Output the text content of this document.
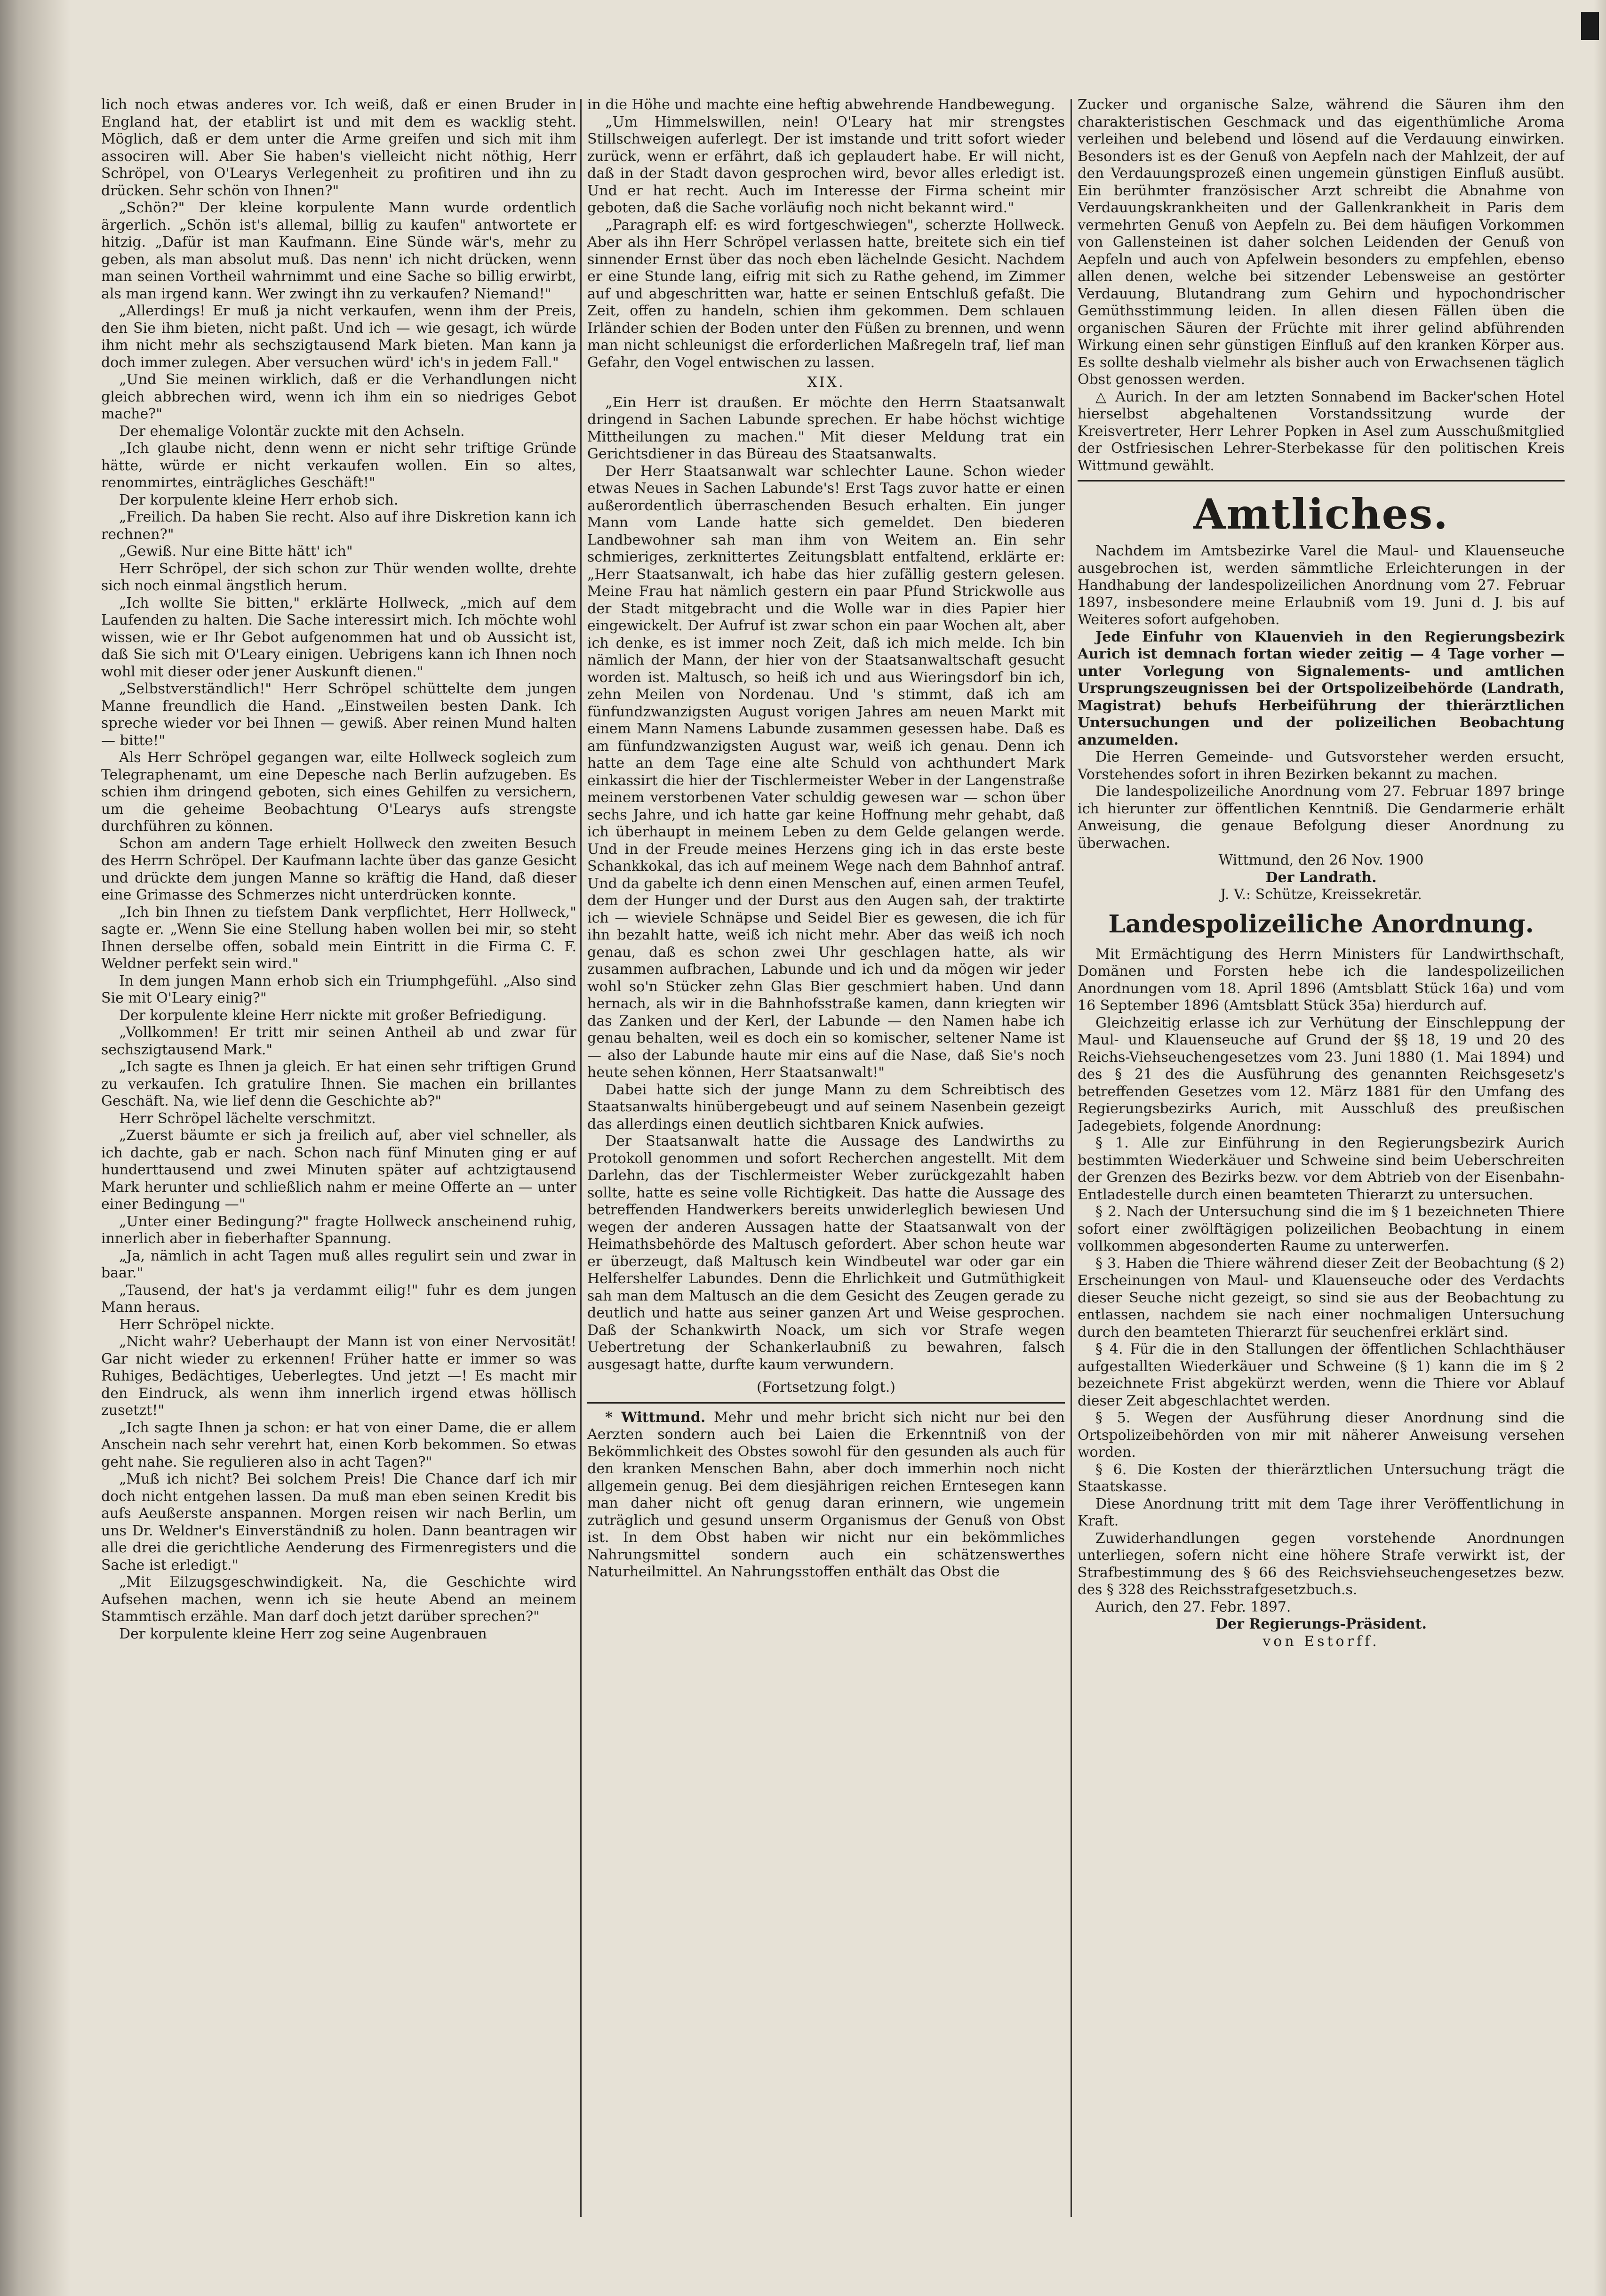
lich noch etwas anderes vor. Ich weiß, daß er einen Bruder in England hat, der etablirt ist und mit dem es wacklig steht. Möglich, daß er dem unter die Arme greifen und sich mit ihm associren will. Aber Sie haben's vielleicht nicht nöthig, Herr Schröpel, von O'Learys Verlegenheit zu profitiren und ihn zu drücken. Sehr schön von Ihnen?"

„Schön?" Der kleine korpulente Mann wurde ordentlich ärgerlich. „Schön ist's allemal, billig zu kaufen" antwortete er hitzig. „Dafür ist man Kaufmann. Eine Sünde wär's, mehr zu geben, als man absolut muß. Das nenn' ich nicht drücken, wenn man seinen Vortheil wahrnimmt und eine Sache so billig erwirbt, als man irgend kann. Wer zwingt ihn zu verkaufen? Niemand!"

„Allerdings! Er muß ja nicht verkaufen, wenn ihm der Preis, den Sie ihm bieten, nicht paßt. Und ich — wie gesagt, ich würde ihm nicht mehr als sechszigtausend Mark bieten. Man kann ja doch immer zulegen. Aber versuchen würd' ich's in jedem Fall."

„Und Sie meinen wirklich, daß er die Verhandlungen nicht gleich abbrechen wird, wenn ich ihm ein so niedriges Gebot mache?"

Der ehemalige Volontär zuckte mit den Achseln.

„Ich glaube nicht, denn wenn er nicht sehr triftige Gründe hätte, würde er nicht verkaufen wollen. Ein so altes, renommirtes, einträgliches Geschäft!"

Der korpulente kleine Herr erhob sich.

„Freilich. Da haben Sie recht. Also auf ihre Diskretion kann ich rechnen?"

„Gewiß. Nur eine Bitte hätt' ich"

Herr Schröpel, der sich schon zur Thür wenden wollte, drehte sich noch einmal ängstlich herum.

„Ich wollte Sie bitten," erklärte Hollweck, „mich auf dem Laufenden zu halten. Die Sache interessirt mich. Ich möchte wohl wissen, wie er Ihr Gebot aufgenommen hat und ob Aussicht ist, daß Sie sich mit O'Leary einigen. Uebrigens kann ich Ihnen noch wohl mit dieser oder jener Auskunft dienen."

„Selbstverständlich!" Herr Schröpel schüttelte dem jungen Manne freundlich die Hand. „Einstweilen besten Dank. Ich spreche wieder vor bei Ihnen — gewiß. Aber reinen Mund halten — bitte!"

Als Herr Schröpel gegangen war, eilte Hollweck sogleich zum Telegraphenamt, um eine Depesche nach Berlin aufzugeben. Es schien ihm dringend geboten, sich eines Gehilfen zu versichern, um die geheime Beobachtung O'Learys aufs strengste durchführen zu können.

Schon am andern Tage erhielt Hollweck den zweiten Besuch des Herrn Schröpel. Der Kaufmann lachte über das ganze Gesicht und drückte dem jungen Manne so kräftig die Hand, daß dieser eine Grimasse des Schmerzes nicht unterdrücken konnte.

„Ich bin Ihnen zu tiefstem Dank verpflichtet, Herr Hollweck," sagte er. „Wenn Sie eine Stellung haben wollen bei mir, so steht Ihnen derselbe offen, sobald mein Eintritt in die Firma C. F. Weldner perfekt sein wird."

In dem jungen Mann erhob sich ein Triumphgefühl. „Also sind Sie mit O'Leary einig?"

Der korpulente kleine Herr nickte mit großer Befriedigung.

„Vollkommen! Er tritt mir seinen Antheil ab und zwar für sechszigtausend Mark."

„Ich sagte es Ihnen ja gleich. Er hat einen sehr triftigen Grund zu verkaufen. Ich gratulire Ihnen. Sie machen ein brillantes Geschäft. Na, wie lief denn die Geschichte ab?"

Herr Schröpel lächelte verschmitzt.

„Zuerst bäumte er sich ja freilich auf, aber viel schneller, als ich dachte, gab er nach. Schon nach fünf Minuten ging er auf hunderttausend und zwei Minuten später auf achtzigtausend Mark herunter und schließlich nahm er meine Offerte an — unter einer Bedingung —"

„Unter einer Bedingung?" fragte Hollweck anscheinend ruhig, innerlich aber in fieberhafter Spannung.

„Ja, nämlich in acht Tagen muß alles regulirt sein und zwar in baar."

„Tausend, der hat's ja verdammt eilig!" fuhr es dem jungen Mann heraus.

Herr Schröpel nickte.

„Nicht wahr? Ueberhaupt der Mann ist von einer Nervosität! Gar nicht wieder zu erkennen! Früher hatte er immer so was Ruhiges, Bedächtiges, Ueberlegtes. Und jetzt —! Es macht mir den Eindruck, als wenn ihm innerlich irgend etwas höllisch zusetzt!"

„Ich sagte Ihnen ja schon: er hat von einer Dame, die er allem Anschein nach sehr verehrt hat, einen Korb bekommen. So etwas geht nahe. Sie regulieren also in acht Tagen?"

„Muß ich nicht? Bei solchem Preis! Die Chance darf ich mir doch nicht entgehen lassen. Da muß man eben seinen Kredit bis aufs Aeußerste anspannen. Morgen reisen wir nach Berlin, um uns Dr. Weldner's Einverständniß zu holen. Dann beantragen wir alle drei die gerichtliche Aenderung des Firmenregisters und die Sache ist erledigt."

„Mit Eilzugsgeschwindigkeit. Na, die Geschichte wird Aufsehen machen, wenn ich sie heute Abend an meinem Stammtisch erzähle. Man darf doch jetzt darüber sprechen?"

Der korpulente kleine Herr zog seine Augenbrauen

in die Höhe und machte eine heftig abwehrende Handbewegung.

„Um Himmelswillen, nein! O'Leary hat mir strengstes Stillschweigen auferlegt. Der ist imstande und tritt sofort wieder zurück, wenn er erfährt, daß ich geplaudert habe. Er will nicht, daß in der Stadt davon gesprochen wird, bevor alles erledigt ist. Und er hat recht. Auch im Interesse der Firma scheint mir geboten, daß die Sache vorläufig noch nicht bekannt wird."

„Paragraph elf: es wird fortgeschwiegen", scherzte Hollweck. Aber als ihn Herr Schröpel verlassen hatte, breitete sich ein tief sinnender Ernst über das noch eben lächelnde Gesicht. Nachdem er eine Stunde lang, eifrig mit sich zu Rathe gehend, im Zimmer auf und abgeschritten war, hatte er seinen Entschluß gefaßt. Die Zeit, offen zu handeln, schien ihm gekommen. Dem schlauen Irländer schien der Boden unter den Füßen zu brennen, und wenn man nicht schleunigst die erforderlichen Maßregeln traf, lief man Gefahr, den Vogel entwischen zu lassen.

XIX.

„Ein Herr ist draußen. Er möchte den Herrn Staatsanwalt dringend in Sachen Labunde sprechen. Er habe höchst wichtige Mittheilungen zu machen." Mit dieser Meldung trat ein Gerichtsdiener in das Büreau des Staatsanwalts.

Der Herr Staatsanwalt war schlechter Laune. Schon wieder etwas Neues in Sachen Labunde's! Erst Tags zuvor hatte er einen außerordentlich überraschenden Besuch erhalten. Ein junger Mann vom Lande hatte sich gemeldet. Den biederen Landbewohner sah man ihm von Weitem an. Ein sehr schmieriges, zerknittertes Zeitungsblatt entfaltend, erklärte er: „Herr Staatsanwalt, ich habe das hier zufällig gestern gelesen. Meine Frau hat nämlich gestern ein paar Pfund Strickwolle aus der Stadt mitgebracht und die Wolle war in dies Papier hier eingewickelt. Der Aufruf ist zwar schon ein paar Wochen alt, aber ich denke, es ist immer noch Zeit, daß ich mich melde. Ich bin nämlich der Mann, der hier von der Staatsanwaltschaft gesucht worden ist. Maltusch, so heiß ich und aus Wieringsdorf bin ich, zehn Meilen von Nordenau. Und 's stimmt, daß ich am fünfundzwanzigsten August vorigen Jahres am neuen Markt mit einem Mann Namens Labunde zusammen gesessen habe. Daß es am fünfundzwanzigsten August war, weiß ich genau. Denn ich hatte an dem Tage eine alte Schuld von achthundert Mark einkassirt die hier der Tischlermeister Weber in der Langenstraße meinem verstorbenen Vater schuldig gewesen war — schon über sechs Jahre, und ich hatte gar keine Hoffnung mehr gehabt, daß ich überhaupt in meinem Leben zu dem Gelde gelangen werde. Und in der Freude meines Herzens ging ich in das erste beste Schankkokal, das ich auf meinem Wege nach dem Bahnhof antraf. Und da gabelte ich denn einen Menschen auf, einen armen Teufel, dem der Hunger und der Durst aus den Augen sah, der traktirte ich — wieviele Schnäpse und Seidel Bier es gewesen, die ich für ihn bezahlt hatte, weiß ich nicht mehr. Aber das weiß ich noch genau, daß es schon zwei Uhr geschlagen hatte, als wir zusammen aufbrachen, Labunde und ich und da mögen wir jeder wohl so'n Stücker zehn Glas Bier geschmiert haben. Und dann hernach, als wir in die Bahnhofsstraße kamen, dann kriegten wir das Zanken und der Kerl, der Labunde — den Namen habe ich genau behalten, weil es doch ein so komischer, seltener Name ist — also der Labunde haute mir eins auf die Nase, daß Sie's noch heute sehen können, Herr Staatsanwalt!"

Dabei hatte sich der junge Mann zu dem Schreibtisch des Staatsanwalts hinübergebeugt und auf seinem Nasenbein gezeigt das allerdings einen deutlich sichtbaren Knick aufwies.

Der Staatsanwalt hatte die Aussage des Landwirths zu Protokoll genommen und sofort Recherchen angestellt. Mit dem Darlehn, das der Tischlermeister Weber zurückgezahlt haben sollte, hatte es seine volle Richtigkeit. Das hatte die Aussage des betreffenden Handwerkers bereits unwiderleglich bewiesen Und wegen der anderen Aussagen hatte der Staatsanwalt von der Heimathsbehörde des Maltusch gefordert. Aber schon heute war er überzeugt, daß Maltusch kein Windbeutel war oder gar ein Helfershelfer Labundes. Denn die Ehrlichkeit und Gutmüthigkeit sah man dem Maltusch an die dem Gesicht des Zeugen gerade zu deutlich und hatte aus seiner ganzen Art und Weise gesprochen. Daß der Schankwirth Noack, um sich vor Strafe wegen Uebertretung der Schankerlaubniß zu bewahren, falsch ausgesagt hatte, durfte kaum verwundern.

(Fortsetzung folgt.)

* Wittmund. Mehr und mehr bricht sich nicht nur bei den Aerzten sondern auch bei Laien die Erkenntniß von der Bekömmlichkeit des Obstes sowohl für den gesunden als auch für den kranken Menschen Bahn, aber doch immerhin noch nicht allgemein genug. Bei dem diesjährigen reichen Erntesegen kann man daher nicht oft genug daran erinnern, wie ungemein zuträglich und gesund unserm Organismus der Genuß von Obst ist. In dem Obst haben wir nicht nur ein bekömmliches Nahrungsmittel sondern auch ein schätzenswerthes Naturheilmittel. An Nahrungsstoffen enthält das Obst die

Zucker und organische Salze, während die Säuren ihm den charakteristischen Geschmack und das eigenthümliche Aroma verleihen und belebend und lösend auf die Verdauung einwirken. Besonders ist es der Genuß von Aepfeln nach der Mahlzeit, der auf den Verdauungsprozeß einen ungemein günstigen Einfluß ausübt. Ein berühmter französischer Arzt schreibt die Abnahme von Verdauungskrankheiten und der Gallenkrankheit in Paris dem vermehrten Genuß von Aepfeln zu. Bei dem häufigen Vorkommen von Gallensteinen ist daher solchen Leidenden der Genuß von Aepfeln und auch von Apfelwein besonders zu empfehlen, ebenso allen denen, welche bei sitzender Lebensweise an gestörter Verdauung, Blutandrang zum Gehirn und hypochondrischer Gemüthsstimmung leiden. In allen diesen Fällen üben die organischen Säuren der Früchte mit ihrer gelind abführenden Wirkung einen sehr günstigen Einfluß auf den kranken Körper aus. Es sollte deshalb vielmehr als bisher auch von Erwachsenen täglich Obst genossen werden.

△ Aurich. In der am letzten Sonnabend im Backer'schen Hotel hierselbst abgehaltenen Vorstandssitzung wurde der Kreisvertreter, Herr Lehrer Popken in Asel zum Ausschußmitglied der Ostfriesischen Lehrer-Sterbekasse für den politischen Kreis Wittmund gewählt.

Amtliches.

Nachdem im Amtsbezirke Varel die Maul- und Klauenseuche ausgebrochen ist, werden sämmtliche Erleichterungen in der Handhabung der landespolizeilichen Anordnung vom 27. Februar 1897, insbesondere meine Erlaubniß vom 19. Juni d. J. bis auf Weiteres sofort aufgehoben.

Jede Einfuhr von Klauenvieh in den Regierungsbezirk Aurich ist demnach fortan wieder zeitig — 4 Tage vorher — unter Vorlegung von Signalements- und amtlichen Ursprungszeugnissen bei der Ortspolizeibehörde (Landrath, Magistrat) behufs Herbeiführung der thierärztlichen Untersuchungen und der polizeilichen Beobachtung anzumelden.

Die Herren Gemeinde- und Gutsvorsteher werden ersucht, Vorstehendes sofort in ihren Bezirken bekannt zu machen.

Die landespolizeiliche Anordnung vom 27. Februar 1897 bringe ich hierunter zur öffentlichen Kenntniß. Die Gendarmerie erhält Anweisung, die genaue Befolgung dieser Anordnung zu überwachen.

Wittmund, den 26 Nov. 1900

Der Landrath.

J. V.: Schütze, Kreissekretär.

Landespolizeiliche Anordnung.

Mit Ermächtigung des Herrn Ministers für Landwirthschaft, Domänen und Forsten hebe ich die landespolizeilichen Anordnungen vom 18. April 1896 (Amtsblatt Stück 16a) und vom 16 September 1896 (Amtsblatt Stück 35a) hierdurch auf.

Gleichzeitig erlasse ich zur Verhütung der Einschleppung der Maul- und Klauenseuche auf Grund der §§ 18, 19 und 20 des Reichs-Viehseuchengesetzes vom 23. Juni 1880 (1. Mai 1894) und des § 21 des die Ausführung des genannten Reichsgesetz's betreffenden Gesetzes vom 12. März 1881 für den Umfang des Regierungsbezirks Aurich, mit Ausschluß des preußischen Jadegebiets, folgende Anordnung:

§ 1. Alle zur Einführung in den Regierungsbezirk Aurich bestimmten Wiederkäuer und Schweine sind beim Ueberschreiten der Grenzen des Bezirks bezw. vor dem Abtrieb von der Eisenbahn-Entladestelle durch einen beamteten Thierarzt zu untersuchen.

§ 2. Nach der Untersuchung sind die im § 1 bezeichneten Thiere sofort einer zwölftägigen polizeilichen Beobachtung in einem vollkommen abgesonderten Raume zu unterwerfen.

§ 3. Haben die Thiere während dieser Zeit der Beobachtung (§ 2) Erscheinungen von Maul- und Klauenseuche oder des Verdachts dieser Seuche nicht gezeigt, so sind sie aus der Beobachtung zu entlassen, nachdem sie nach einer nochmaligen Untersuchung durch den beamteten Thierarzt für seuchenfrei erklärt sind.

§ 4. Für die in den Stallungen der öffentlichen Schlachthäuser aufgestallten Wiederkäuer und Schweine (§ 1) kann die im § 2 bezeichnete Frist abgekürzt werden, wenn die Thiere vor Ablauf dieser Zeit abgeschlachtet werden.

§ 5. Wegen der Ausführung dieser Anordnung sind die Ortspolizeibehörden von mir mit näherer Anweisung versehen worden.

§ 6. Die Kosten der thierärztlichen Untersuchung trägt die Staatskasse.

Diese Anordnung tritt mit dem Tage ihrer Veröffentlichung in Kraft.

Zuwiderhandlungen gegen vorstehende Anordnungen unterliegen, sofern nicht eine höhere Strafe verwirkt ist, der Strafbestimmung des § 66 des Reichsviehseuchengesetzes bezw. des § 328 des Reichsstrafgesetzbuch.s.

Aurich, den 27. Febr. 1897.

Der Regierungs-Präsident.

von Estorff.
